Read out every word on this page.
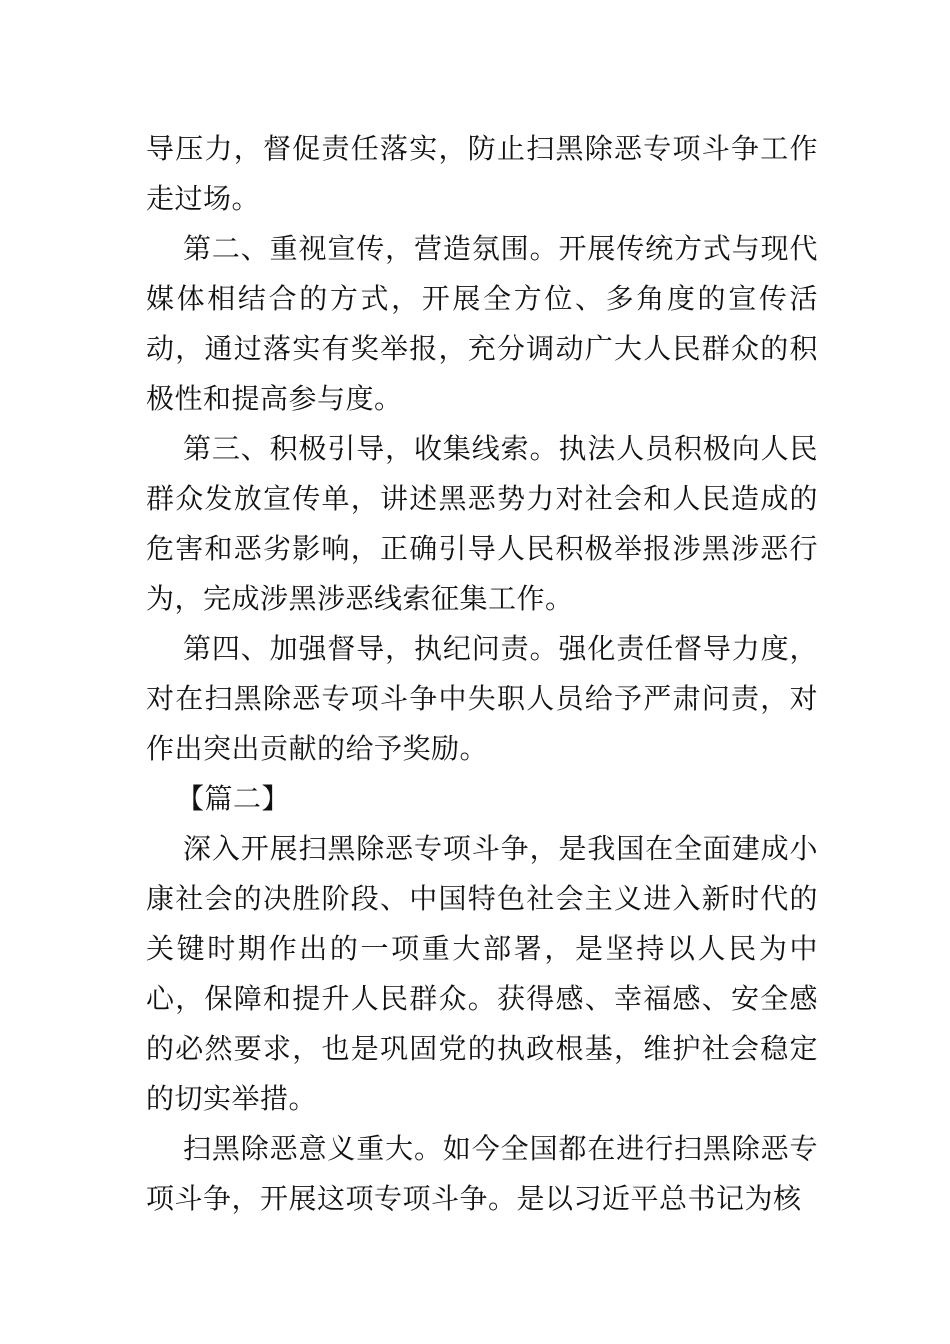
导压力，督促责任落实，防止扫黑除恶专项斗争工作走过场。

第二、重视宣传，营造氛围。开展传统方式与现代媒体相结合的方式，开展全方位、多角度的宣传活动，通过落实有奖举报，充分调动广大人民群众的积极性和提高参与度。

第三、积极引导，收集线索。执法人员积极向人民群众发放宣传单，讲述黑恶势力对社会和人民造成的危害和恶劣影响，正确引导人民积极举报涉黑涉恶行为，完成涉黑涉恶线索征集工作。

第四、加强督导，执纪问责。强化责任督导力度，对在扫黑除恶专项斗争中失职人员给予严肃问责，对作出突出贡献的给予奖励。

【篇二】

深入开展扫黑除恶专项斗争，是我国在全面建成小康社会的决胜阶段、中国特色社会主义进入新时代的关键时期作出的一项重大部署，是坚持以人民为中心，保障和提升人民群众。获得感、幸福感、安全感的必然要求，也是巩固党的执政根基，维护社会稳定的切实举措。

扫黑除恶意义重大。如今全国都在进行扫黑除恶专项斗争，开展这项专项斗争。是以习近平总书记为核
